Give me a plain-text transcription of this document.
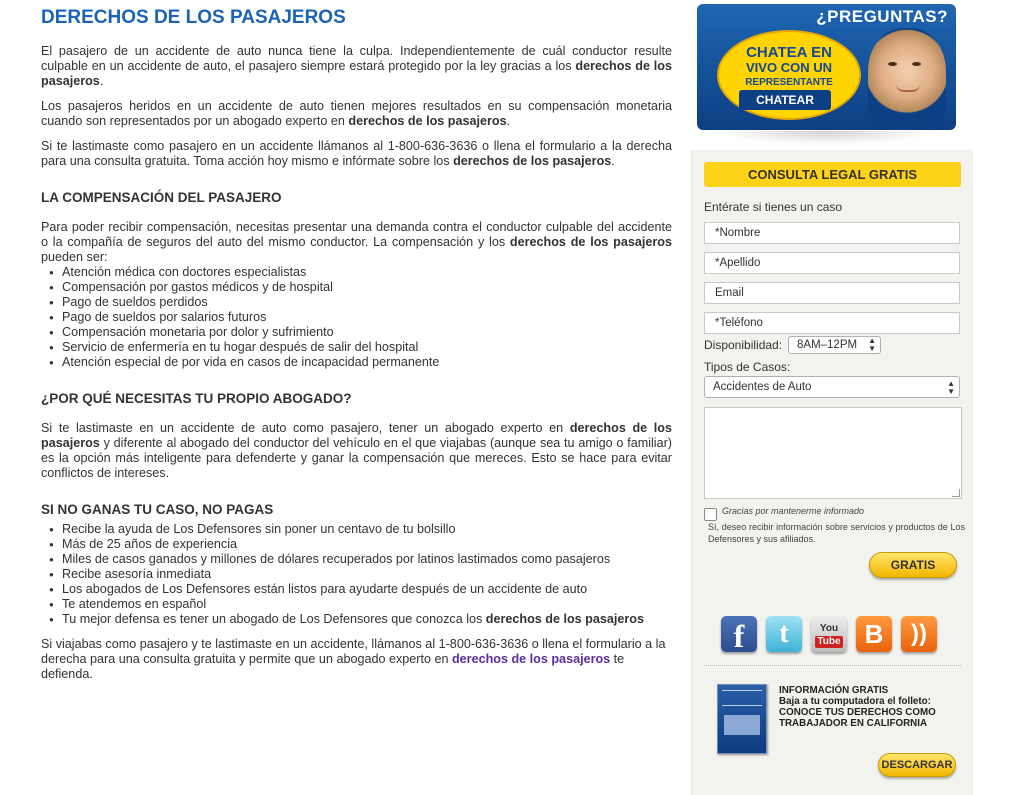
DERECHOS DE LOS PASAJEROS

El pasajero de un accidente de auto nunca tiene la culpa. Independientemente de cuál conductor resulte culpable en un accidente de auto, el pasajero siempre estará protegido por la ley gracias a los derechos de los pasajeros.

Los pasajeros heridos en un accidente de auto tienen mejores resultados en su compensación monetaria cuando son representados por un abogado experto en derechos de los pasajeros.

Si te lastimaste como pasajero en un accidente llámanos al 1-800-636-3636 o llena el formulario a la derecha para una consulta gratuita. Toma acción hoy mismo e infórmate sobre los derechos de los pasajeros.

LA COMPENSACIÓN DEL PASAJERO

Para poder recibir compensación, necesitas presentar una demanda contra el conductor culpable del accidente o la compañía de seguros del auto del mismo conductor. La compensación y los derechos de los pasajeros pueden ser:

● Atención médica con doctores especialistas
● Compensación por gastos médicos y de hospital
● Pago de sueldos perdidos
● Pago de sueldos por salarios futuros
● Compensación monetaria por dolor y sufrimiento
● Servicio de enfermería en tu hogar después de salir del hospital
● Atención especial de por vida en casos de incapacidad permanente
¿POR QUÉ NECESITAS TU PROPIO ABOGADO?

Si te lastimaste en un accidente de auto como pasajero, tener un abogado experto en derechos de los pasajeros y diferente al abogado del conductor del vehículo en el que viajabas (aunque sea tu amigo o familiar) es la opción más inteligente para defenderte y ganar la compensación que mereces. Esto se hace para evitar conflictos de intereses.

SI NO GANAS TU CASO, NO PAGAS
● Recibe la ayuda de Los Defensores sin poner un centavo de tu bolsillo
● Más de 25 años de experiencia
● Miles de casos ganados y millones de dólares recuperados por latinos lastimados como pasajeros
● Recibe asesoría inmediata
● Los abogados de Los Defensores están listos para ayudarte después de un accidente de auto
● Te atendemos en español
● Tu mejor defensa es tener un abogado de Los Defensores que conozca los derechos de los pasajeros

Si viajabas como pasajero y te lastimaste en un accidente, llámanos al 1-800-636-3636 o llena el formulario a la derecha para una consulta gratuita y permite que un abogado experto en derechos de los pasajeros te defienda.

¿PREGUNTAS?
CHATEA EN
VIVO CON UN
REPRESENTANTE
CHATEAR
CONSULTA LEGAL GRATIS
Entérate si tienes un caso
*Nombre
*Apellido
Email
*Teléfono
Disponibilidad:	8AM–12PM ▲
▼
Tipos de Casos:
Accidentes de Auto	▲
▼
Gracias por mantenerme informado
Sí, deseo recibir información sobre servicios y productos de Los Defensores y sus afiliados.
GRATIS
f	t	You
Tube B	))
INFORMACIÓN GRATIS
Baja a tu computadora el folleto:
CONOCE TUS DERECHOS COMO TRABAJADOR EN CALIFORNIA
DESCARGAR
